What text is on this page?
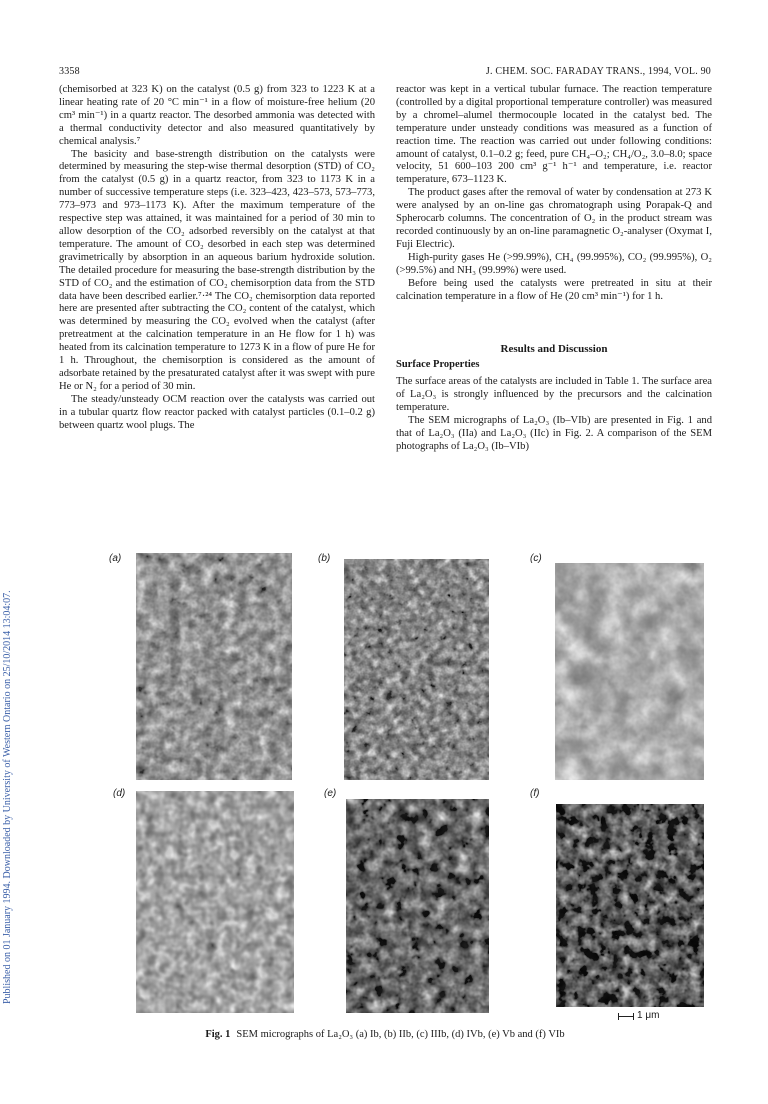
3358	J. CHEM. SOC. FARADAY TRANS., 1994, VOL. 90
Published on 01 January 1994. Downloaded by University of Western Ontario on 25/10/2014 13:04:07.

(chemisorbed at 323 K) on the catalyst (0.5 g) from 323 to 1223 K at a linear heating rate of 20 °C min⁻¹ in a flow of moisture-free helium (20 cm³ min⁻¹) in a quartz reactor. The desorbed ammonia was detected with a thermal conductivity detector and also measured quantitatively by chemical analysis.⁷

The basicity and base-strength distribution on the catalysts were determined by measuring the step-wise thermal desorption (STD) of CO₂ from the catalyst (0.5 g) in a quartz reactor, from 323 to 1173 K in a number of successive temperature steps (i.e. 323–423, 423–573, 573–773, 773–973 and 973–1173 K). After the maximum temperature of the respective step was attained, it was maintained for a period of 30 min to allow desorption of the CO₂ adsorbed reversibly on the catalyst at that temperature. The amount of CO₂ desorbed in each step was determined gravimetrically by absorption in an aqueous barium hydroxide solution. The detailed procedure for measuring the base-strength distribution by the STD of CO₂ and the estimation of CO₂ chemisorption data from the STD data have been described earlier.⁷·²⁴ The CO₂ chemisorption data reported here are presented after subtracting the CO₂ content of the catalyst, which was determined by measuring the CO₂ evolved when the catalyst (after pretreatment at the calcination temperature in an He flow for 1 h) was heated from its calcination temperature to 1273 K in a flow of pure He for 1 h. Throughout, the chemisorption is considered as the amount of adsorbate retained by the presaturated catalyst after it was swept with pure He or N₂ for a period of 30 min.

The steady/unsteady OCM reaction over the catalysts was carried out in a tubular quartz flow reactor packed with catalyst particles (0.1–0.2 g) between quartz wool plugs. The

reactor was kept in a vertical tubular furnace. The reaction temperature (controlled by a digital proportional temperature controller) was measured by a chromel–alumel thermocouple located in the catalyst bed. The temperature under unsteady conditions was measured as a function of reaction time. The reaction was carried out under following conditions: amount of catalyst, 0.1–0.2 g; feed, pure CH₄–O₂; CH₄/O₂, 3.0–8.0; space velocity, 51 600–103 200 cm³ g⁻¹ h⁻¹ and temperature, i.e. reactor temperature, 673–1123 K.

The product gases after the removal of water by condensation at 273 K were analysed by an on-line gas chromatograph using Porapak-Q and Spherocarb columns. The concentration of O₂ in the product stream was recorded continuously by an on-line paramagnetic O₂-analyser (Oxymat I, Fuji Electric).

High-purity gases He (>99.99%), CH₄ (99.995%), CO₂ (99.995%), O₂ (>99.5%) and NH₃ (99.99%) were used.

Before being used the catalysts were pretreated in situ at their calcination temperature in a flow of He (20 cm³ min⁻¹) for 1 h.

Results and Discussion
Surface Properties

The surface areas of the catalysts are included in Table 1. The surface area of La₂O₃ is strongly influenced by the precursors and the calcination temperature.

The SEM micrographs of La₂O₃ (Ib–VIb) are presented in Fig. 1 and that of La₂O₃ (IIa) and La₂O₃ (IIc) in Fig. 2. A comparison of the SEM photographs of La₂O₃ (Ib–VIb)

(a)	(b)	(c)
(d)	(e)	(f)
1 μm
Fig. 1 SEM micrographs of La₂O₃ (a) Ib, (b) IIb, (c) IIIb, (d) IVb, (e) Vb and (f) VIb
